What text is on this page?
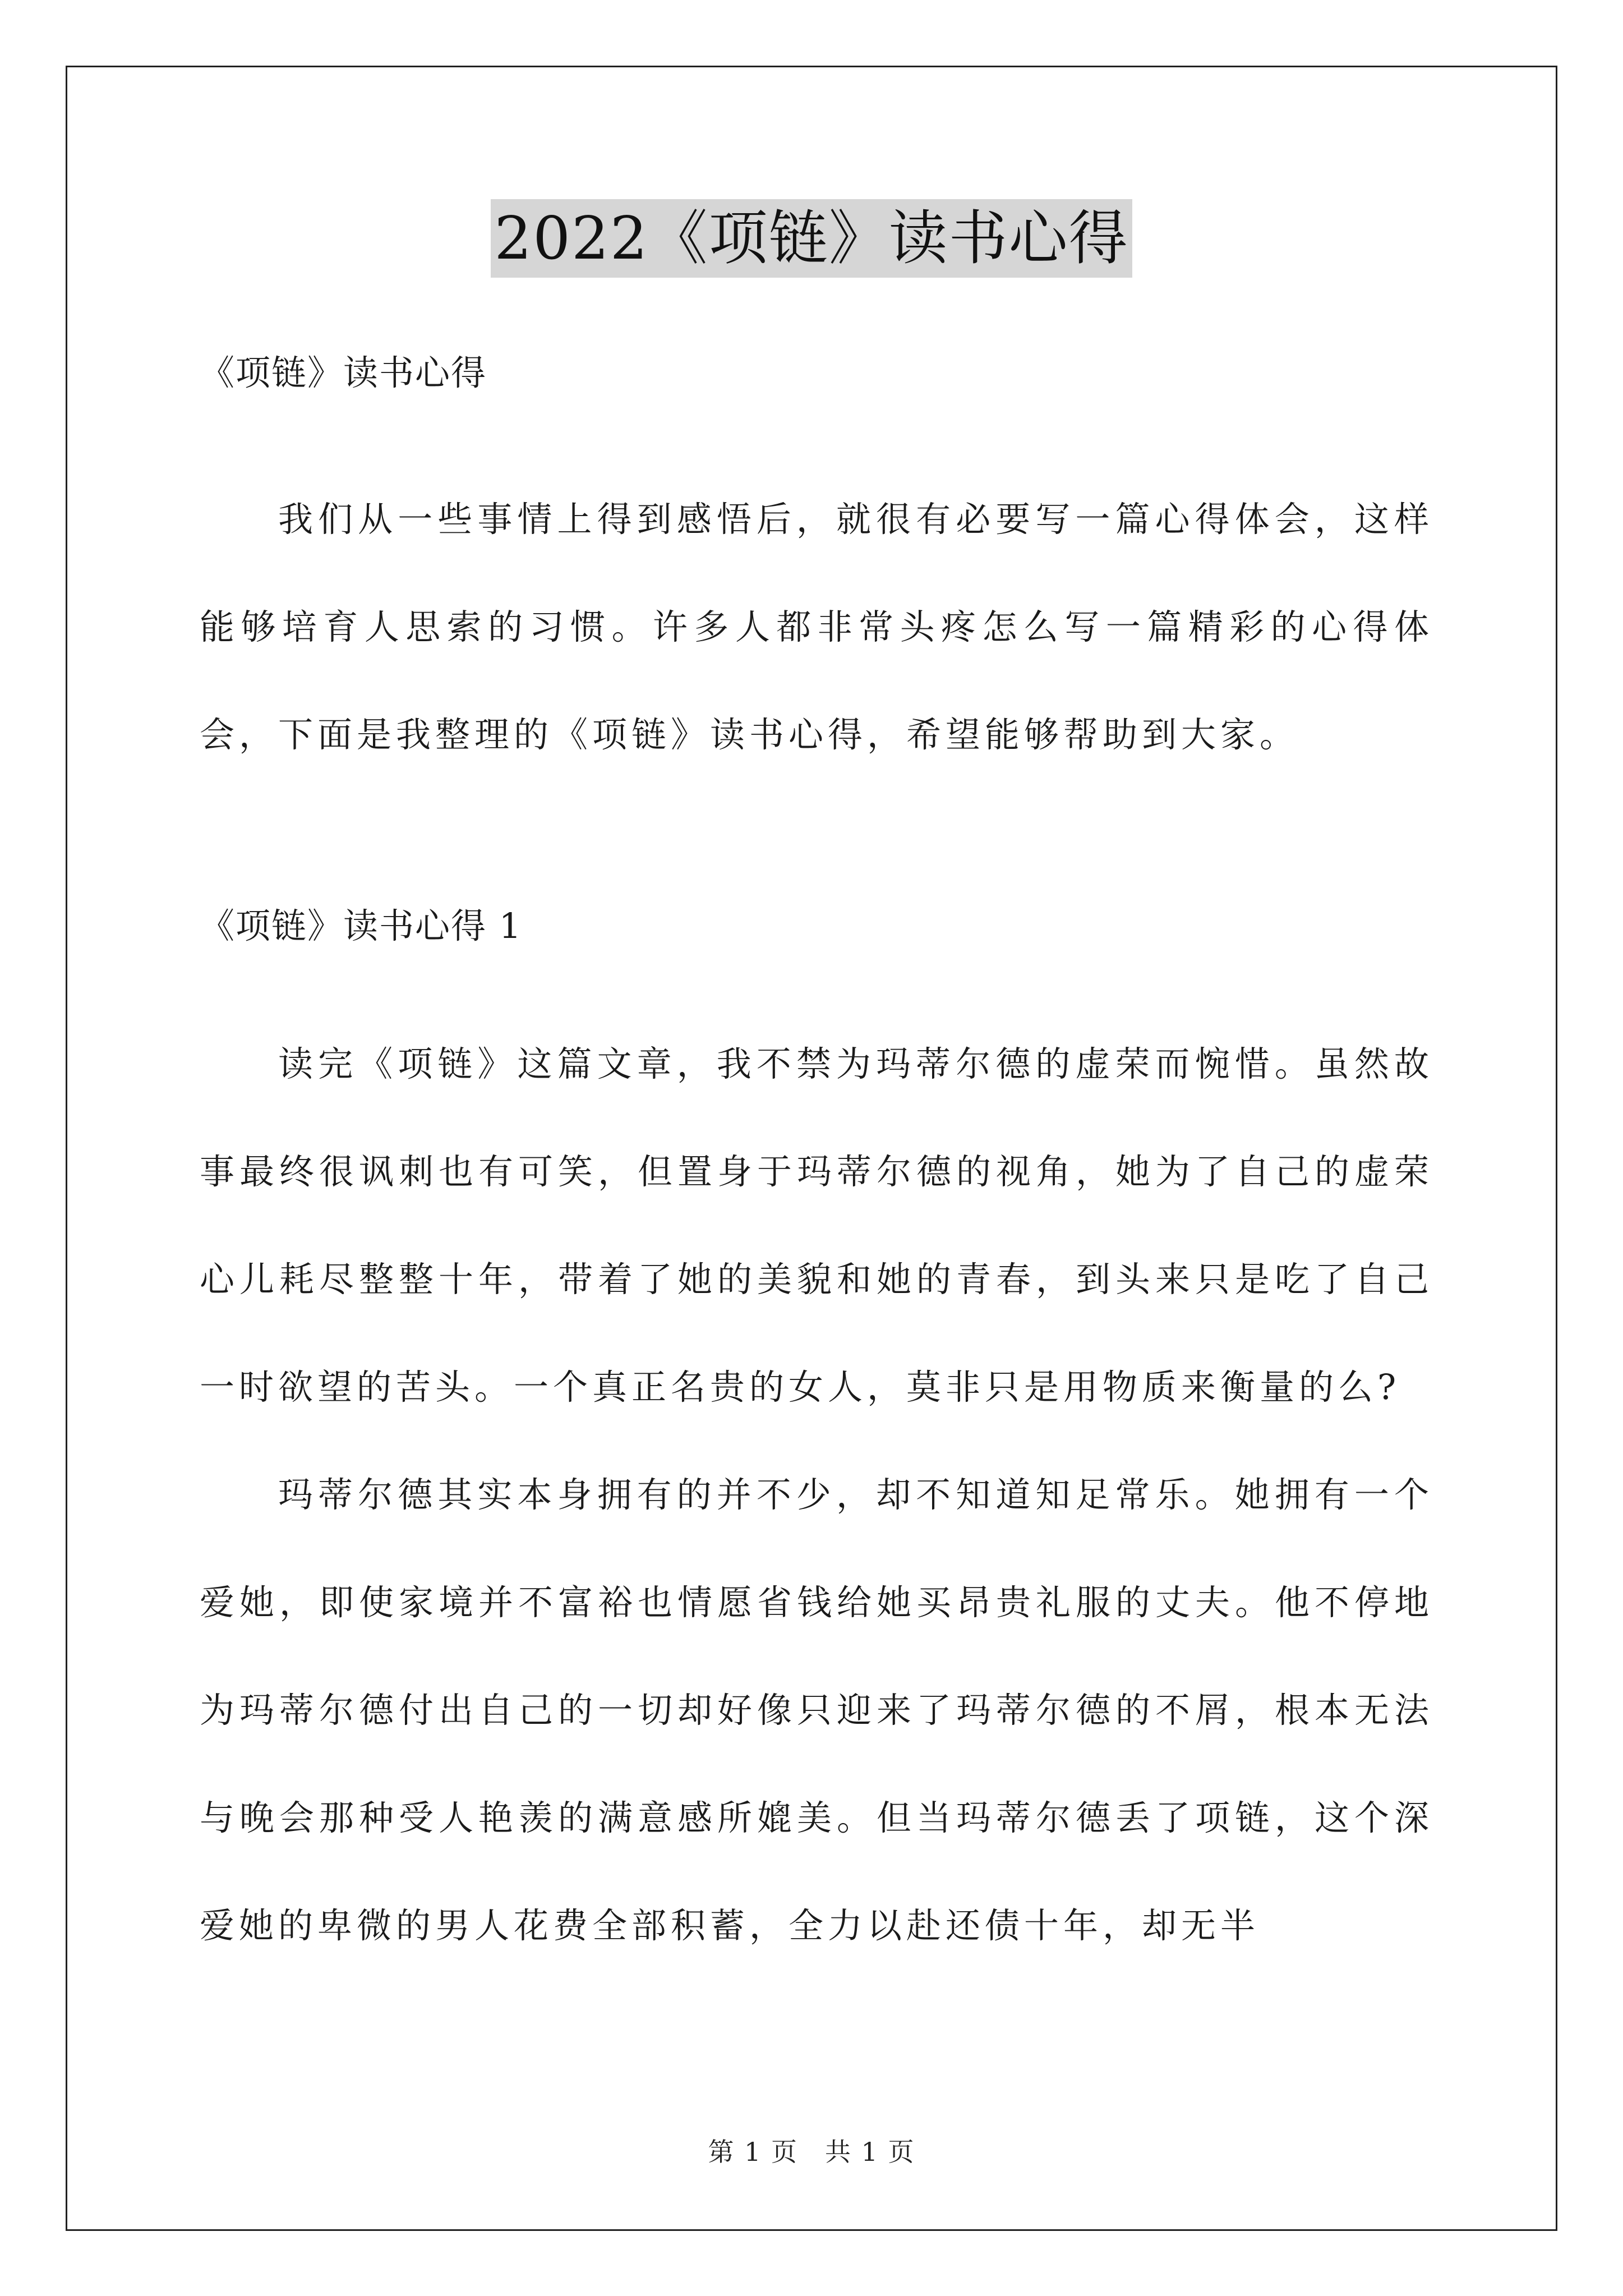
2022《项链》读书心得

《项链》读书心得

我们从一些事情上得到感悟后，就很有必要写一篇心得体会，这样能够培育人思索的习惯。许多人都非常头疼怎么写一篇精彩的心得体会，下面是我整理的《项链》读书心得，希望能够帮助到大家。

《项链》读书心得 1

读完《项链》这篇文章，我不禁为玛蒂尔德的虚荣而惋惜。虽然故事最终很讽刺也有可笑，但置身于玛蒂尔德的视角，她为了自己的虚荣心儿耗尽整整十年，带着了她的美貌和她的青春，到头来只是吃了自己一时欲望的苦头。一个真正名贵的女人，莫非只是用物质来衡量的么?

玛蒂尔德其实本身拥有的并不少，却不知道知足常乐。她拥有一个爱她，即使家境并不富裕也情愿省钱给她买昂贵礼服的丈夫。他不停地为玛蒂尔德付出自己的一切却好像只迎来了玛蒂尔德的不屑，根本无法与晚会那种受人艳羡的满意感所媲美。但当玛蒂尔德丢了项链，这个深爱她的卑微的男人花费全部积蓄，全力以赴还债十年，却无半

第 1 页　共 1 页
